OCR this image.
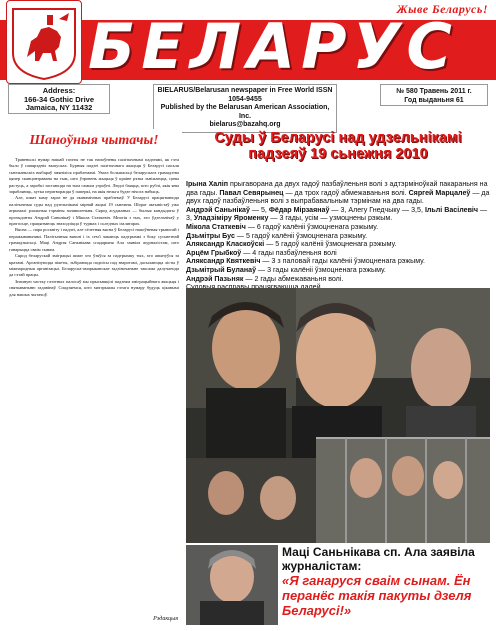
Жыве Беларусь!
БЕЛАРУС
Address:
166-34 Gothic Drive
Jamaica, NY 11432
BIELARUS/Belarusan newspaper in Free World ISSN 1054-9455
Published by the Belarusan American Association, Inc.
bielarus@bazahq.org
№ 580 Травень 2011 г.
Год выданьня 61
Шаноўныя чытачы!

Травеньскі нумар нашай газэты не так напоўнены палітычнымі падзеямі, як гэта было ў папярэдніх выпусках. Бурныя падзеі палітычнага жыцьця ў Беларусі пасьля сьнежаньскіх выбараў змяніліся праблемамі. Увага большасьці беларускага грамадзтва цяпер сканцэнтравана на тым, што ўзровень жыцьця ў краіне рэзка зьніжаецца, цэны растуць, а заробкі застаюцца на тым самым узроўні. Людзі баяцца, што рублі, якія яны зарабляюць, хутка ператворацца ў паперкі, на якія нельга будзе нічога набыць.

Але, шмат каму зараз не да эканамічных праблемаў. У Беларусі працягваюцца палітычныя суды над удзельнікамі мірнай акцыі 19 сьнежня. Шэраг актывістаў ужо атрымалі рэальныя тэрміны зьняволеньня. Сярод асуджаных — былыя кандыдаты ў прэзыдэнты Андрэй Саньнікаў і Мікола Статкевіч. Многія з тых, хто ўдзельнічаў у пратэсьце, працягваюць знаходзіцца ў турмах і сьледчых ізалятарах.

Вясна — пара росквіту і надзеі, але сёлетняя вясна ў Беларусі напоўненая трывогай і перажываньнямі. Палітычныя вязьні і іх сем'і чакаюць падтрымкі з боку сусьветнай грамадзкасьці. Маці Андрэя Саньнікава спадарыня Ала заявіла журналістам, што ганарыцца сваім сынам.

Сярод беларускай эміграцыі шмат хто ўзяўся за падтрымку тых, хто апынуўся за кратамі. Арганізуюцца пікеты, зьбіраюцца подпісы пад зваротамі, дасылаюцца лісты ў міжнародныя арганізацыі. Беларуска-амэрыканскае задзіночаньне таксама далучаецца да гэтай працы.

Значную частку газэтных палосаў мы прысьвяцілі падзеям эміграцыйнага жыцьця і святкаваньню гадавінаў. Спадзяемся, што матэрыялы гэтага нумару будуць цікавымі для нашых чытачоў.

Рэдакцыя
Суды ў Беларусі над удзельнікамі падзеяў 19 сьнежня 2010

Ірына Халіп прыгаворана да двух гадоў пазбаўленьня волі з адтэрміноўкай пакараньня на два гады. Павал Севярынец — да трох гадоў абмежаваньня волі. Сяргей Марцалеў — да двух гадоў пазбаўленьня волі з выпрабавальным тэрмінам на два гады.

Андрэй Саньнікаў — 5, Фёдар Мірзаянаў — 3, Алегу Гнедчыку — 3,5, Ільлі Васілевіч — 3, Уладзіміру Яроменку — 3 гады, усім — узмоцнены рэжым.

Мікола Статкевіч — 6 гадоў калёніі ўзмоцненага рэжыму.

Дзьмітры Бус — 5 гадоў калёніі ўзмоцненага рэжыму.

Аляксандр Класкоўскі — 5 гадоў калёніі ўзмоцненага рэжыму.

Арцём Грыбкоў — 4 гады пазбаўленьня волі

Аляксандр Квяткевіч — 3 з паловай гады калёніі ўзмоцненага рэжыму.

Дзьмітрый Буланаў — 3 гады калёніі ўзмоцненага рэжыму.

Андрэй Пазьняк — 2 гады абмежаваньня волі.

Маці Саньнікава сп. Ала заявіла журналістам:
«Я ганаруся сваім сынам. Ён перанёс такія пакуты дзеля Беларусі!»
